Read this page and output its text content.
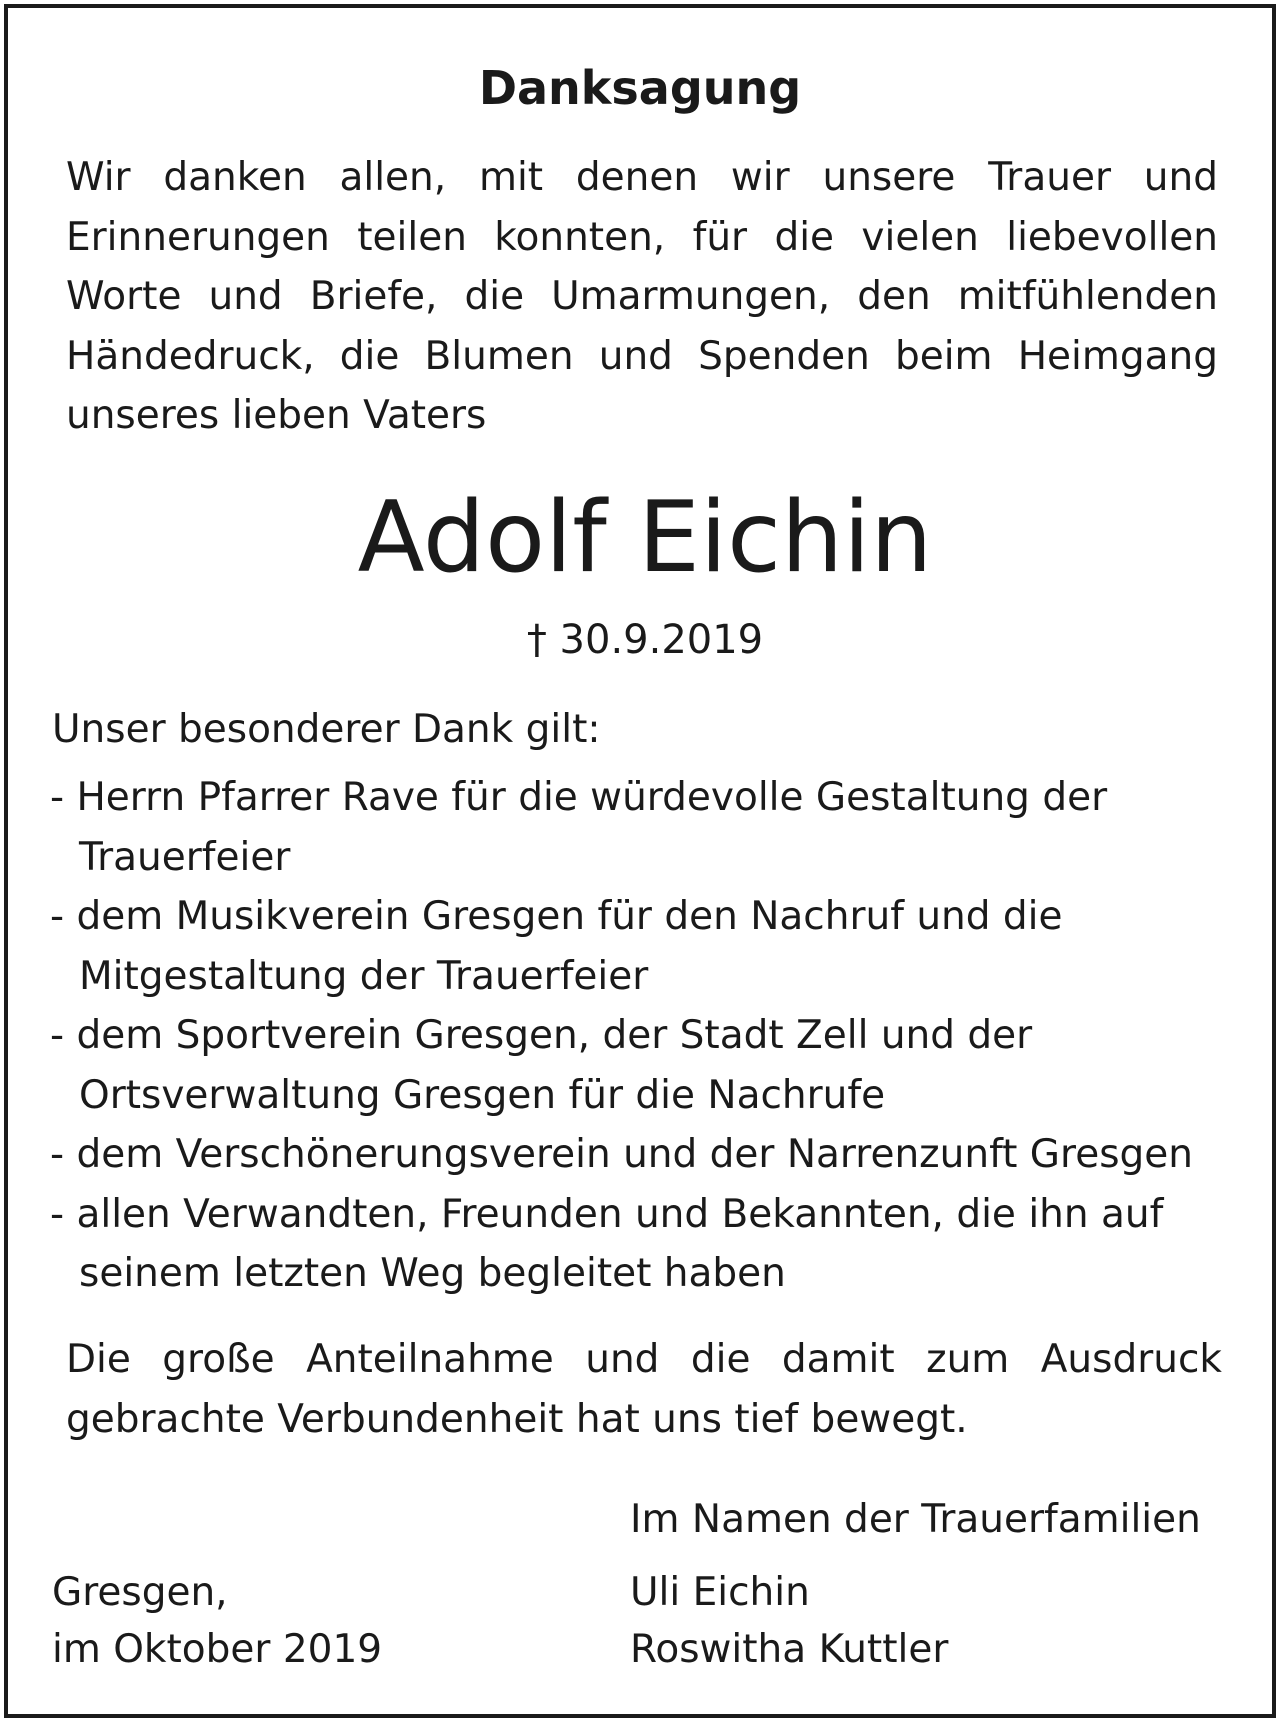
Danksagung
Wir danken allen, mit denen wir unsere Trauer und Erinnerungen teilen konnten, für die vielen liebevollen Worte und Briefe, die Umarmungen, den mitfühlenden Händedruck, die Blumen und Spenden beim Heimgang unseres lieben Vaters
Adolf Eichin
† 30.9.2019
Unser besonderer Dank gilt:
- Herrn Pfarrer Rave für die würdevolle Gestaltung der Trauerfeier
- dem Musikverein Gresgen für den Nachruf und die Mitgestaltung der Trauerfeier
- dem Sportverein Gresgen, der Stadt Zell und der Ortsverwaltung Gresgen für die Nachrufe
- dem Verschönerungsverein und der Narrenzunft Gresgen
- allen Verwandten, Freunden und Bekannten, die ihn auf seinem letzten Weg begleitet haben
Die große Anteilnahme und die damit zum Ausdruck gebrachte Verbundenheit hat uns tief bewegt.
Im Namen der Trauerfamilien
Gresgen,
im Oktober 2019
Uli Eichin
Roswitha Kuttler
